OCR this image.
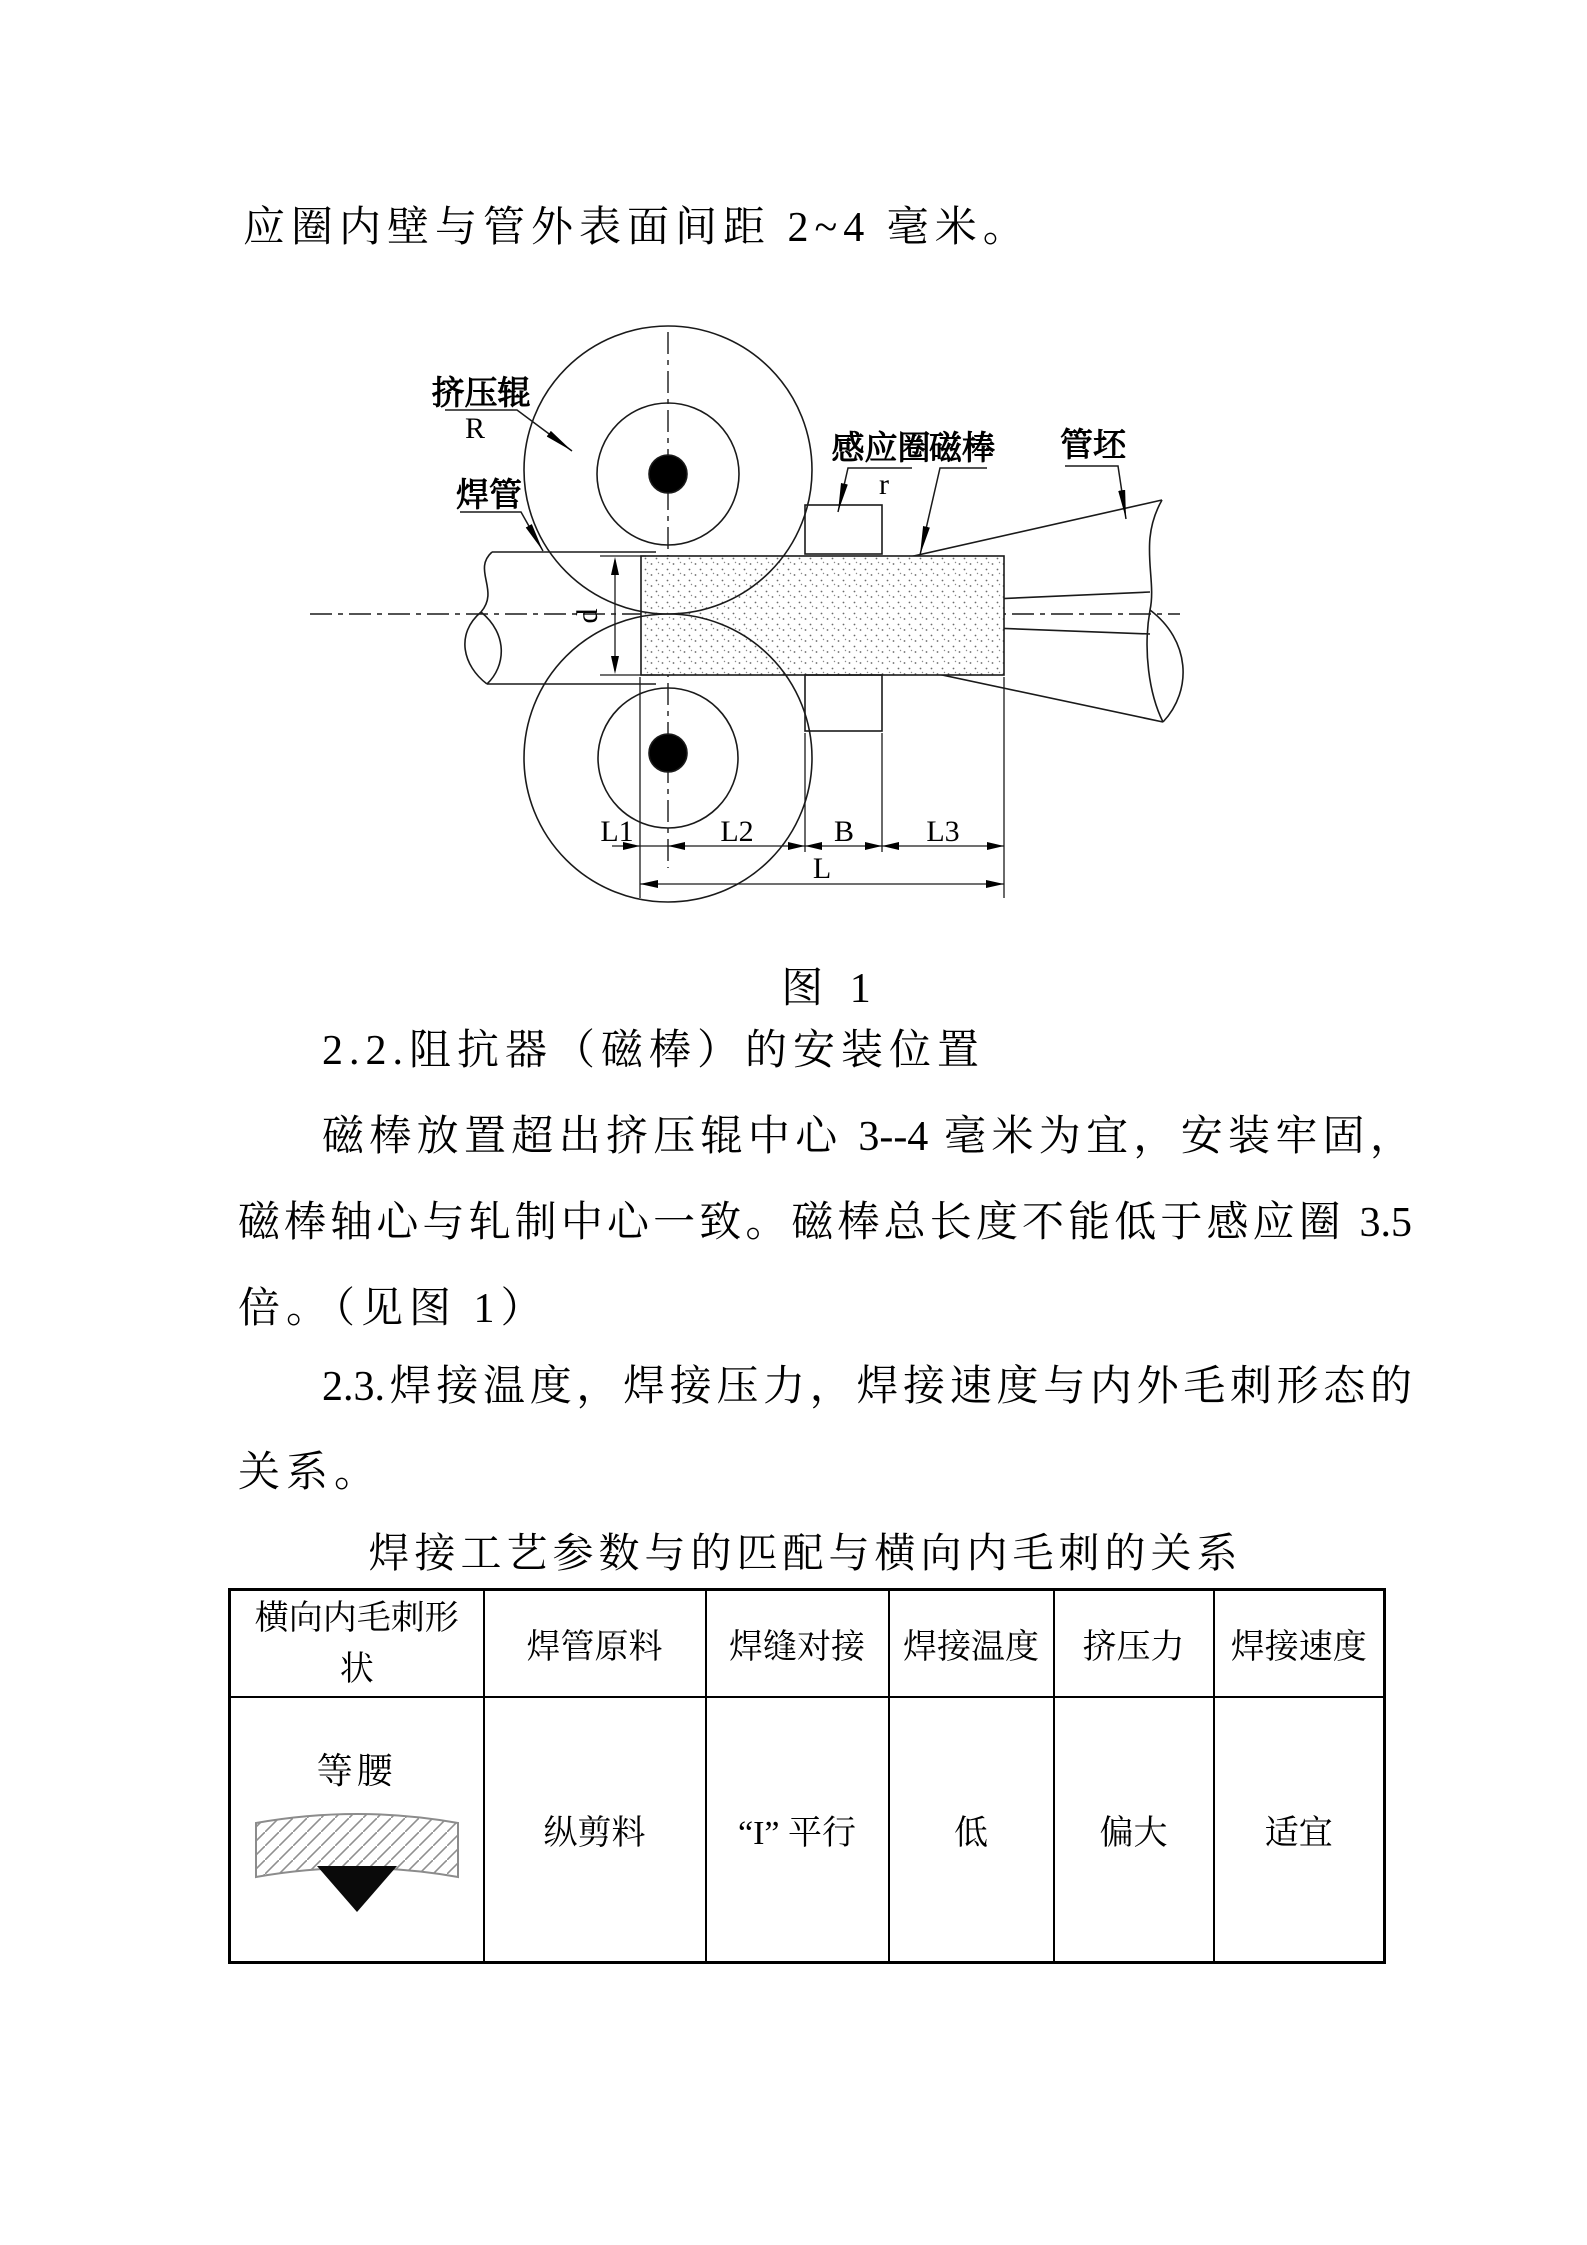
应圈内壁与管外表面间距 2~4 毫米。
挤压辊
R
焊管
感应圈
r
磁棒 管坯
d
L1	L2	B L3
L
图 1
2.2.阻抗器（磁棒）的安装位置
磁棒放置超出挤压辊中心 3--4 毫米为宜，安装牢固，
磁棒轴心与轧制中心一致。磁棒总长度不能低于感应圈 3.5
倍。（见图 1）
2.3.焊接温度，焊接压力，焊接速度与内外毛刺形态的
关系。
焊接工艺参数与的匹配与横向内毛刺的关系
横向内毛刺形状	焊管原料	焊缝对接	焊接温度	挤压力	焊接速度

等腰	纵剪料	“I” 平行	低	偏大	适宜
